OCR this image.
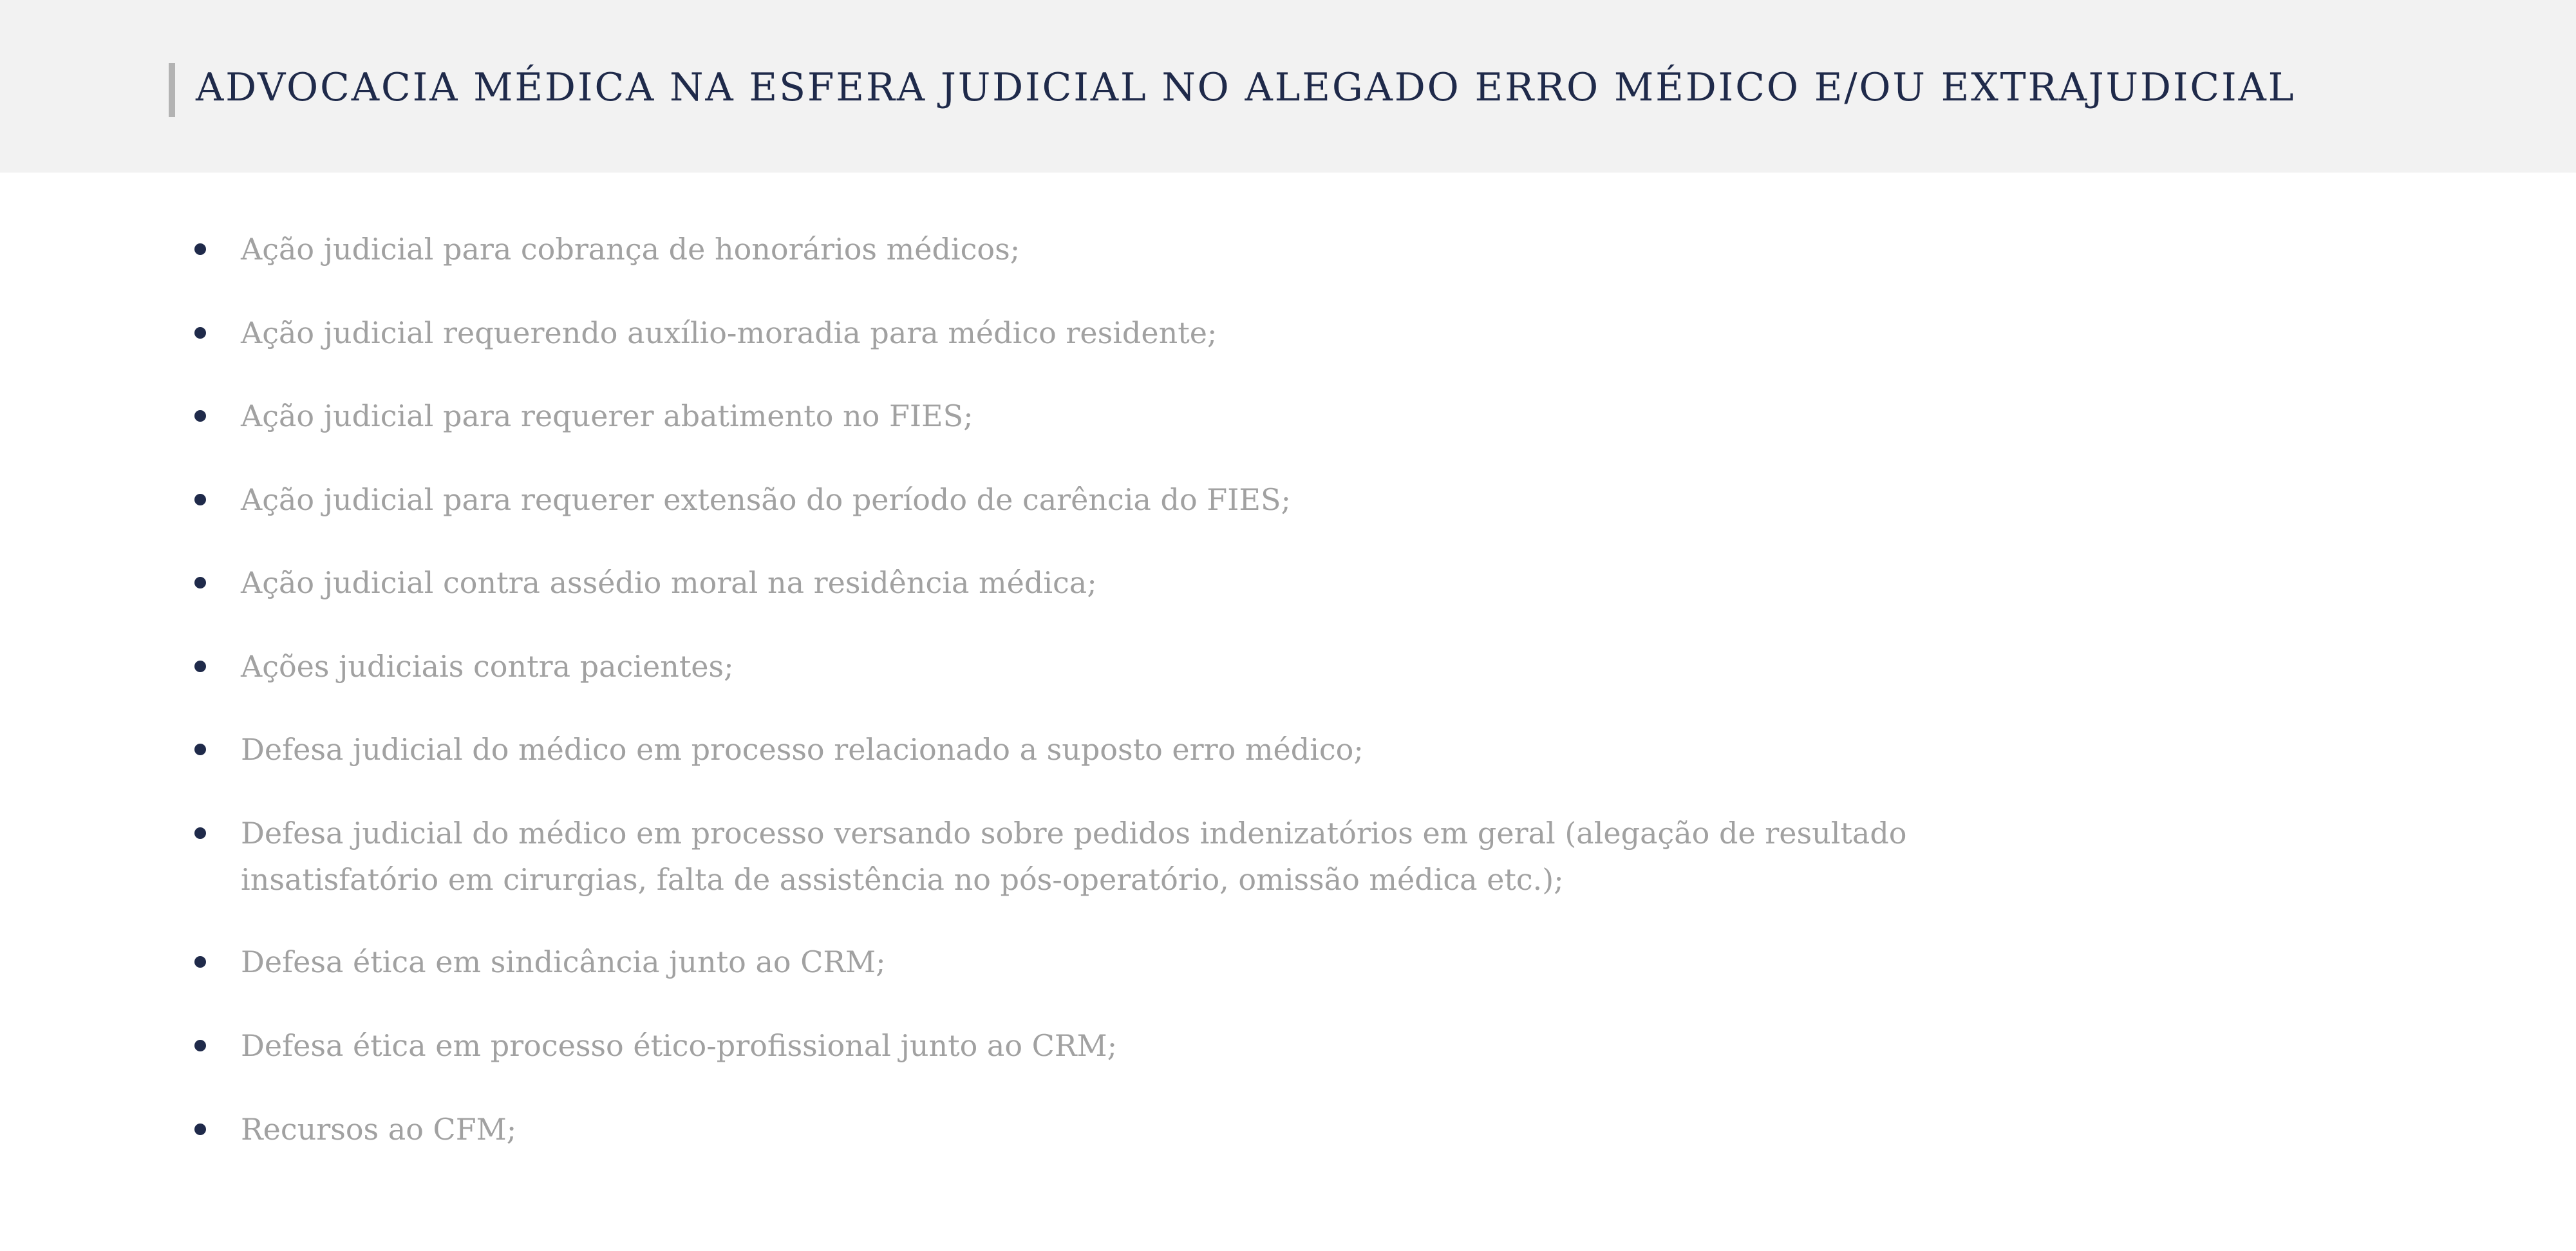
ADVOCACIA MÉDICA NA ESFERA JUDICIAL NO ALEGADO ERRO MÉDICO E/OU EXTRAJUDICIAL
Ação judicial para cobrança de honorários médicos;
Ação judicial requerendo auxílio-moradia para médico residente;
Ação judicial para requerer abatimento no FIES;
Ação judicial para requerer extensão do período de carência do FIES;
Ação judicial contra assédio moral na residência médica;
Ações judiciais contra pacientes;
Defesa judicial do médico em processo relacionado a suposto erro médico;
Defesa judicial do médico em processo versando sobre pedidos indenizatórios em geral (alegação de resultado insatisfatório em cirurgias, falta de assistência no pós-operatório, omissão médica etc.);
Defesa ética em sindicância junto ao CRM;
Defesa ética em processo ético-profissional junto ao CRM;
Recursos ao CFM;
